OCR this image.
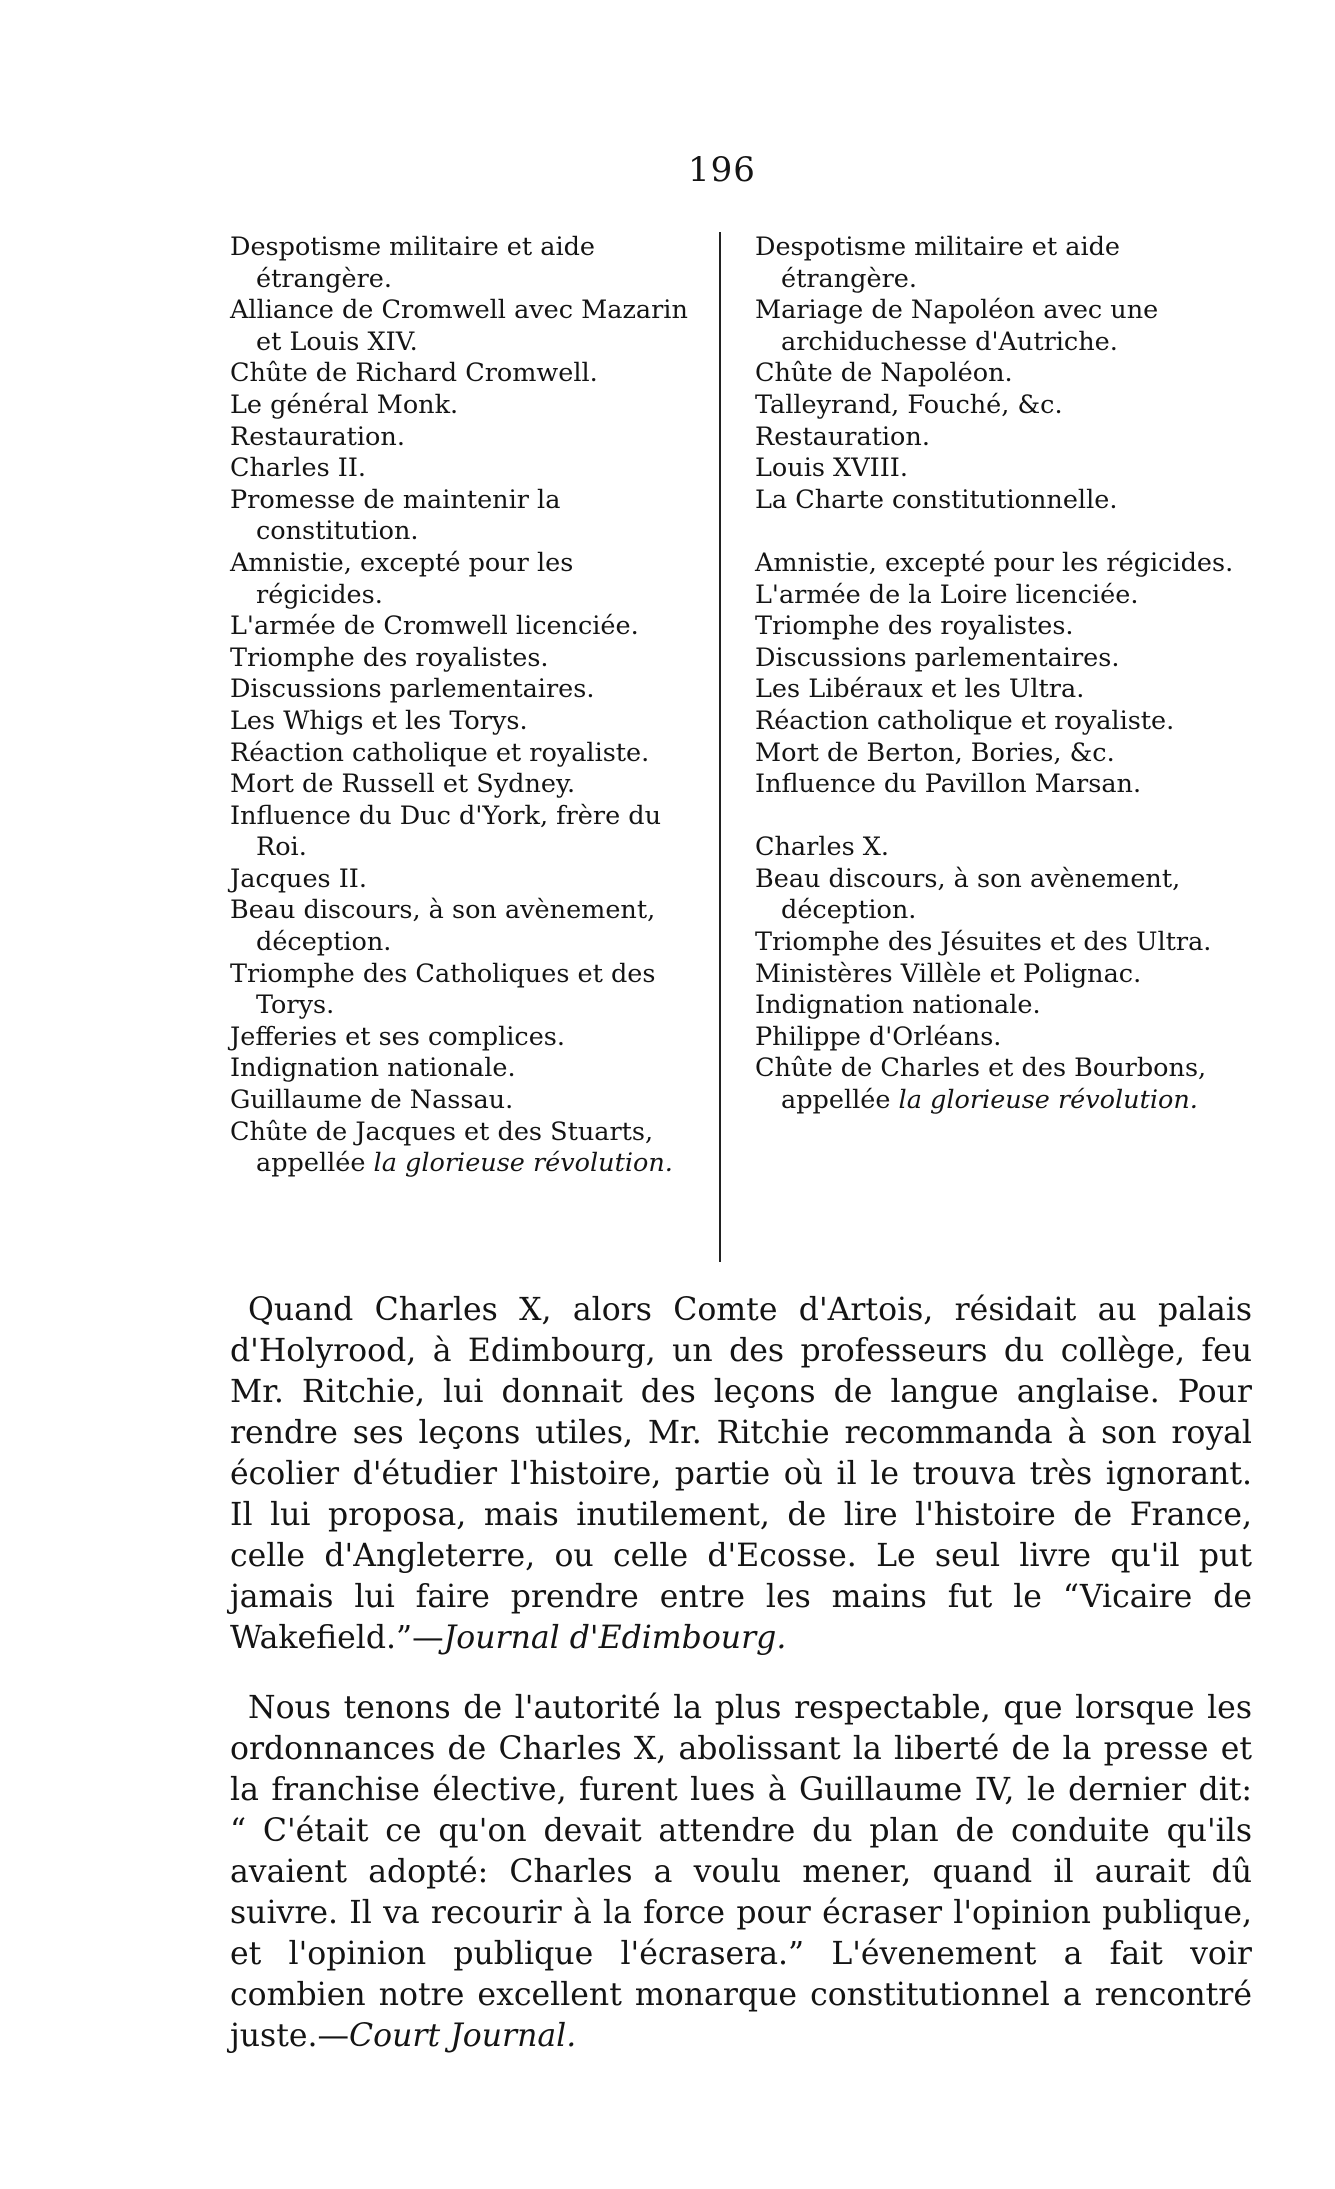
196

Despotisme militaire et aide étrangère.

Alliance de Cromwell avec Mazarin et Louis XIV.

Chûte de Richard Cromwell.

Le général Monk.

Restauration.

Charles II.

Promesse de maintenir la constitution.

Amnistie, excepté pour les régicides.

L'armée de Cromwell licenciée.

Triomphe des royalistes.

Discussions parlementaires.

Les Whigs et les Torys.

Réaction catholique et royaliste.

Mort de Russell et Sydney.

Influence du Duc d'York, frère du Roi.

Jacques II.

Beau discours, à son avènement, déception.

Triomphe des Catholiques et des Torys.

Jefferies et ses complices.

Indignation nationale.

Guillaume de Nassau.

Chûte de Jacques et des Stuarts, appellée la glorieuse révolution.

Despotisme militaire et aide étrangère.

Mariage de Napoléon avec une archiduchesse d'Autriche.

Chûte de Napoléon.

Talleyrand, Fouché, &c.

Restauration.

Louis XVIII.

La Charte constitutionnelle.

Amnistie, excepté pour les régicides.

L'armée de la Loire licenciée.

Triomphe des royalistes.

Discussions parlementaires.

Les Libéraux et les Ultra.

Réaction catholique et royaliste.

Mort de Berton, Bories, &c.

Influence du Pavillon Marsan.

Charles X.

Beau discours, à son avènement, déception.

Triomphe des Jésuites et des Ultra.

Ministères Villèle et Polignac.

Indignation nationale.

Philippe d'Orléans.

Chûte de Charles et des Bourbons, appellée la glorieuse révolution.

Quand Charles X, alors Comte d'Artois, résidait au palais d'Holyrood, à Edimbourg, un des professeurs du collège, feu Mr. Ritchie, lui donnait des leçons de langue anglaise. Pour rendre ses leçons utiles, Mr. Ritchie recommanda à son royal écolier d'étudier l'histoire, partie où il le trouva très ignorant. Il lui proposa, mais inutilement, de lire l'histoire de France, celle d'Angleterre, ou celle d'Ecosse. Le seul livre qu'il put jamais lui faire prendre entre les mains fut le “Vicaire de Wakefield.”—Journal d'Edimbourg.

Nous tenons de l'autorité la plus respectable, que lorsque les ordonnances de Charles X, abolissant la liberté de la presse et la franchise élective, furent lues à Guillaume IV, le dernier dit: “ C'était ce qu'on devait attendre du plan de conduite qu'ils avaient adopté: Charles a voulu mener, quand il aurait dû suivre. Il va recourir à la force pour écraser l'opinion publique, et l'opinion publique l'écrasera.” L'évenement a fait voir combien notre excellent monarque constitutionnel a rencontré juste.—Court Journal.
